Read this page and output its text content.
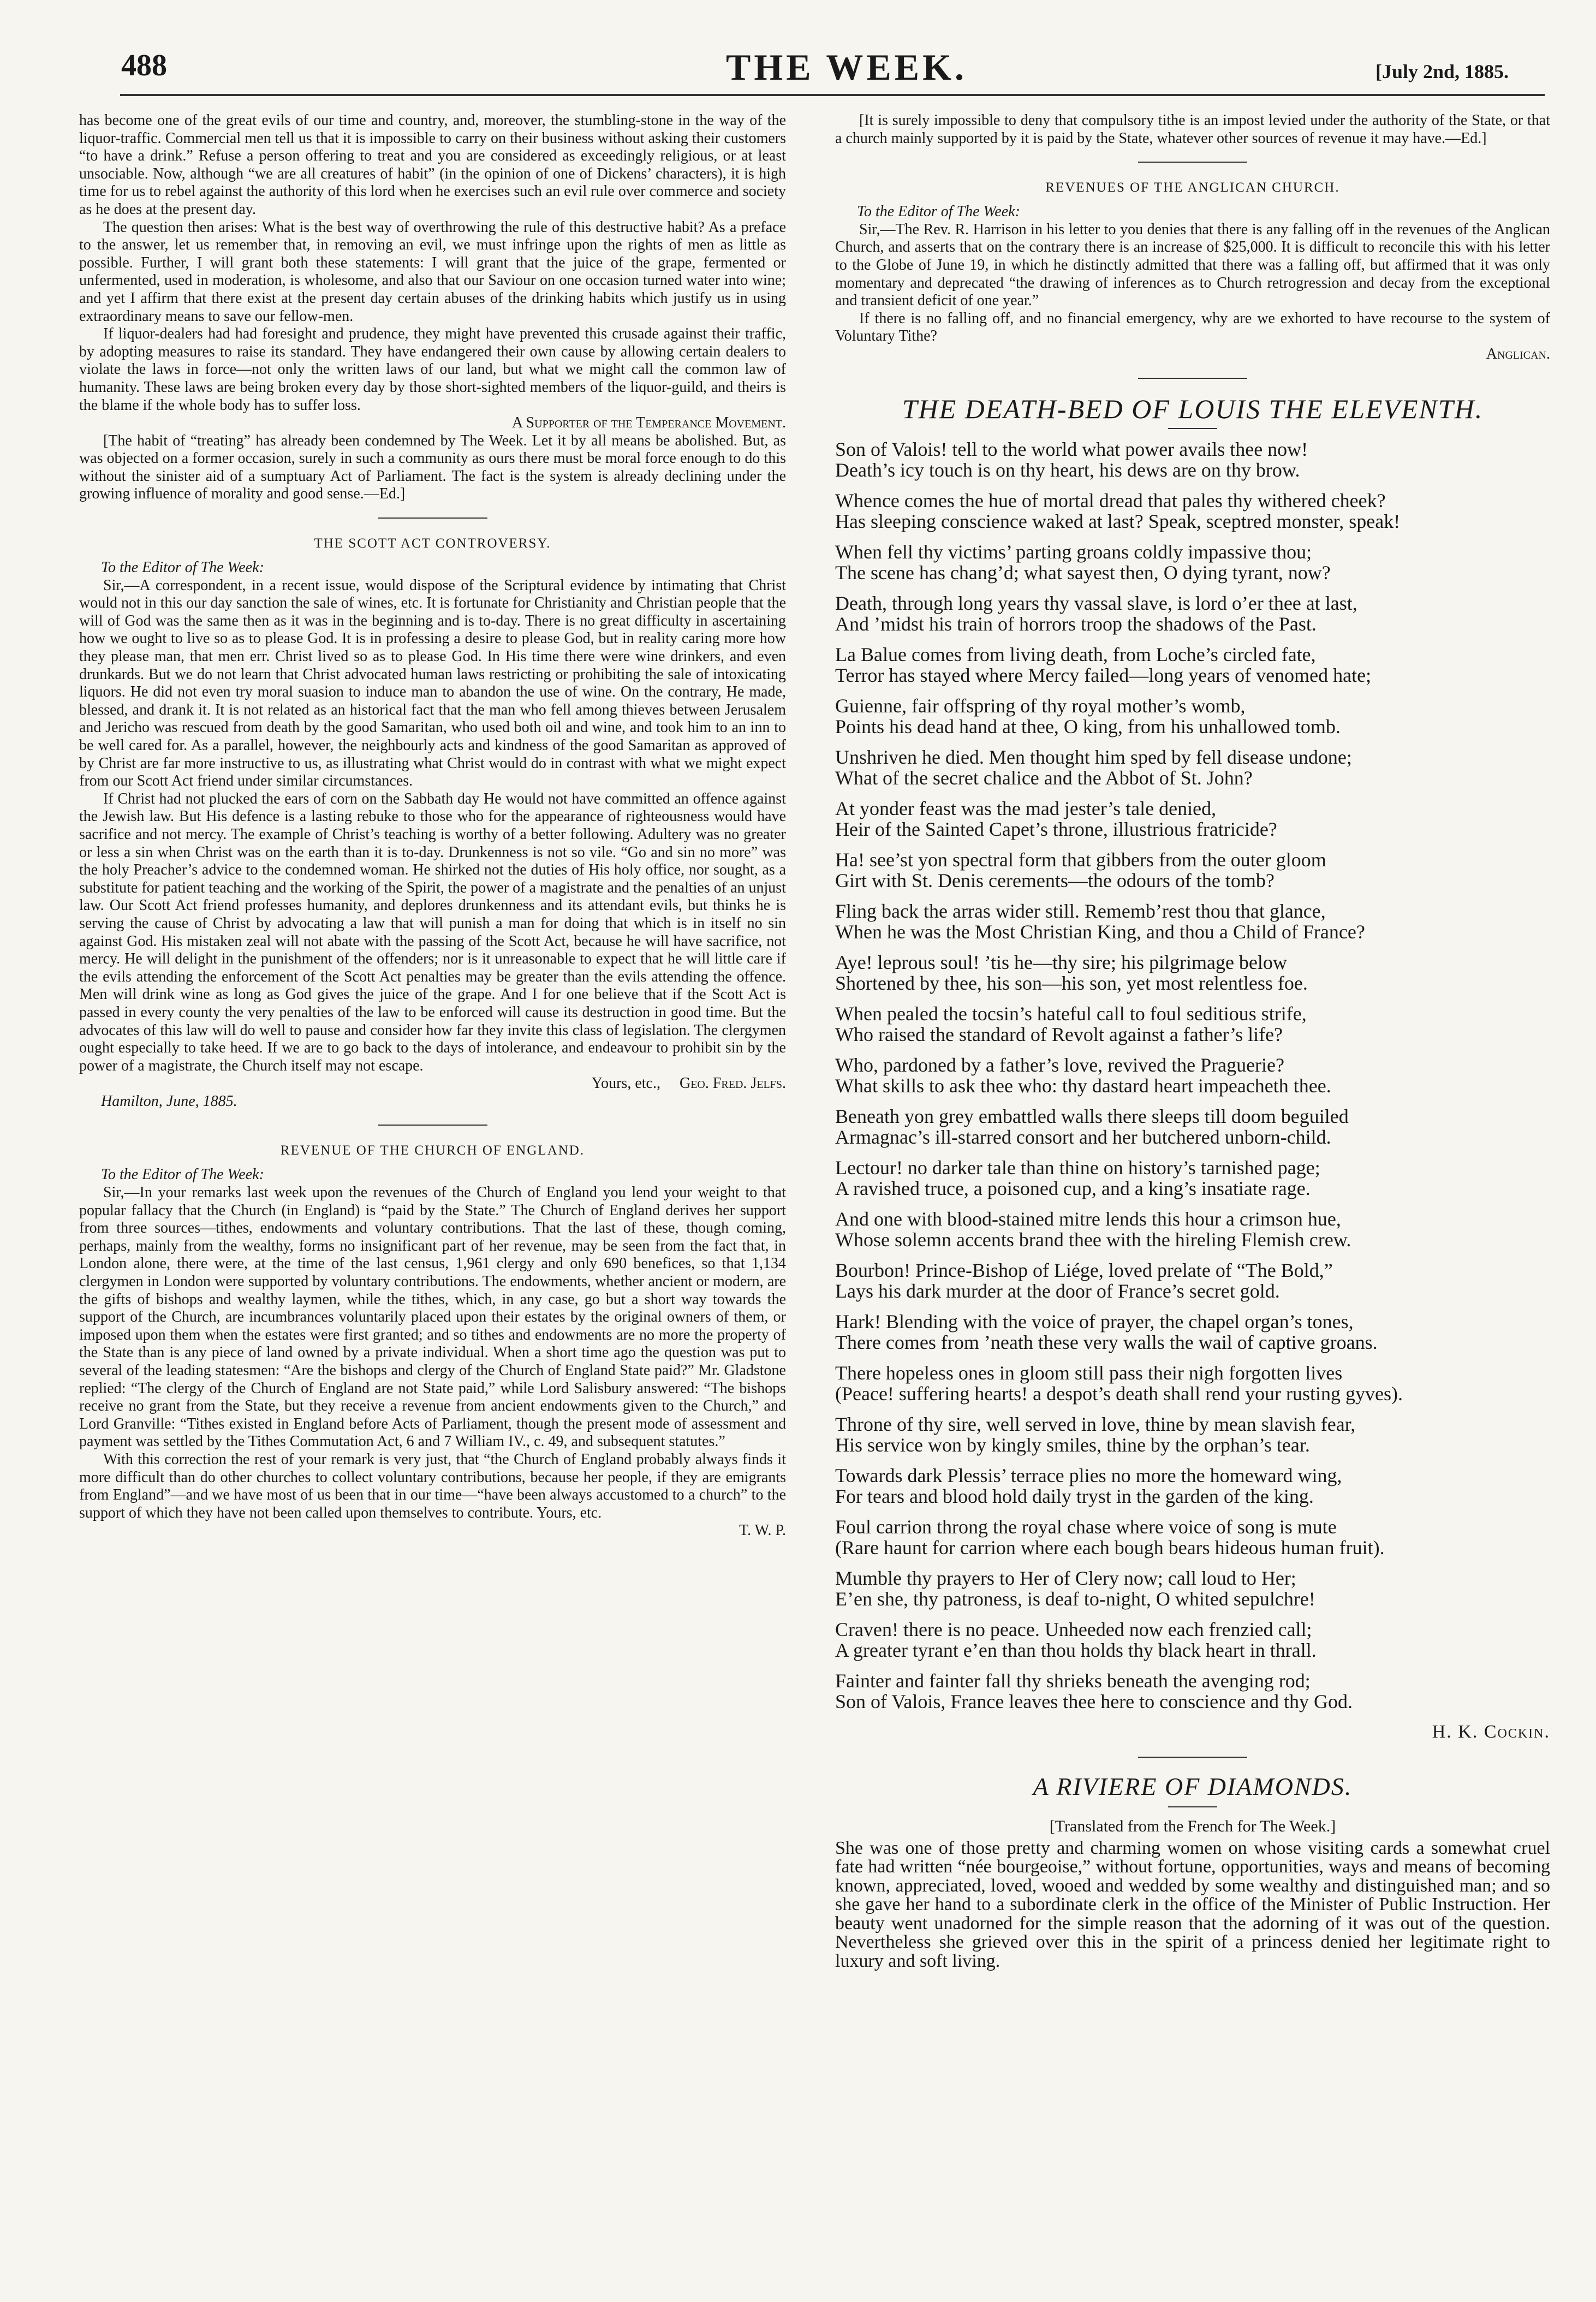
488	THE WEEK.	[July 2nd, 1885.

has become one of the great evils of our time and country, and, moreover, the stumbling-stone in the way of the liquor-traffic. Commercial men tell us that it is impossible to carry on their business without asking their customers “to have a drink.” Refuse a person offering to treat and you are considered as exceedingly religious, or at least unsociable. Now, although “we are all creatures of habit” (in the opinion of one of Dickens’ characters), it is high time for us to rebel against the authority of this lord when he exercises such an evil rule over commerce and society as he does at the present day.

The question then arises: What is the best way of overthrowing the rule of this destructive habit? As a preface to the answer, let us remember that, in removing an evil, we must infringe upon the rights of men as little as possible. Further, I will grant both these statements: I will grant that the juice of the grape, fermented or unfermented, used in moderation, is wholesome, and also that our Saviour on one occasion turned water into wine; and yet I affirm that there exist at the present day certain abuses of the drinking habits which justify us in using extraordinary means to save our fellow-men.

If liquor-dealers had had foresight and prudence, they might have prevented this crusade against their traffic, by adopting measures to raise its standard. They have endangered their own cause by allowing certain dealers to violate the laws in force—not only the written laws of our land, but what we might call the common law of humanity. These laws are being broken every day by those short-sighted members of the liquor-guild, and theirs is the blame if the whole body has to suffer loss.

A Supporter of the Temperance Movement.

[The habit of “treating” has already been condemned by The Week. Let it by all means be abolished. But, as was objected on a former occasion, surely in such a community as ours there must be moral force enough to do this without the sinister aid of a sumptuary Act of Parliament. The fact is the system is already declining under the growing influence of morality and good sense.—Ed.]

THE SCOTT ACT CONTROVERSY.

To the Editor of The Week:

Sir,—A correspondent, in a recent issue, would dispose of the Scriptural evidence by intimating that Christ would not in this our day sanction the sale of wines, etc. It is fortunate for Christianity and Christian people that the will of God was the same then as it was in the beginning and is to-day. There is no great difficulty in ascertaining how we ought to live so as to please God. It is in professing a desire to please God, but in reality caring more how they please man, that men err. Christ lived so as to please God. In His time there were wine drinkers, and even drunkards. But we do not learn that Christ advocated human laws restricting or prohibiting the sale of intoxicating liquors. He did not even try moral suasion to induce man to abandon the use of wine. On the contrary, He made, blessed, and drank it. It is not related as an historical fact that the man who fell among thieves between Jerusalem and Jericho was rescued from death by the good Samaritan, who used both oil and wine, and took him to an inn to be well cared for. As a parallel, however, the neighbourly acts and kindness of the good Samaritan as approved of by Christ are far more instructive to us, as illustrating what Christ would do in contrast with what we might expect from our Scott Act friend under similar circumstances.

If Christ had not plucked the ears of corn on the Sabbath day He would not have committed an offence against the Jewish law. But His defence is a lasting rebuke to those who for the appearance of righteousness would have sacrifice and not mercy. The example of Christ’s teaching is worthy of a better following. Adultery was no greater or less a sin when Christ was on the earth than it is to-day. Drunkenness is not so vile. “Go and sin no more” was the holy Preacher’s advice to the condemned woman. He shirked not the duties of His holy office, nor sought, as a substitute for patient teaching and the working of the Spirit, the power of a magistrate and the penalties of an unjust law. Our Scott Act friend professes humanity, and deplores drunkenness and its attendant evils, but thinks he is serving the cause of Christ by advocating a law that will punish a man for doing that which is in itself no sin against God. His mistaken zeal will not abate with the passing of the Scott Act, because he will have sacrifice, not mercy. He will delight in the punishment of the offenders; nor is it unreasonable to expect that he will little care if the evils attending the enforcement of the Scott Act penalties may be greater than the evils attending the offence. Men will drink wine as long as God gives the juice of the grape. And I for one believe that if the Scott Act is passed in every county the very penalties of the law to be enforced will cause its destruction in good time. But the advocates of this law will do well to pause and consider how far they invite this class of legislation. The clergymen ought especially to take heed. If we are to go back to the days of intolerance, and endeavour to prohibit sin by the power of a magistrate, the Church itself may not escape.

Yours, etc., Geo. Fred. Jelfs.

Hamilton, June, 1885.

REVENUE OF THE CHURCH OF ENGLAND.

To the Editor of The Week:

Sir,—In your remarks last week upon the revenues of the Church of England you lend your weight to that popular fallacy that the Church (in England) is “paid by the State.” The Church of England derives her support from three sources—tithes, endowments and voluntary contributions. That the last of these, though coming, perhaps, mainly from the wealthy, forms no insignificant part of her revenue, may be seen from the fact that, in London alone, there were, at the time of the last census, 1,961 clergy and only 690 benefices, so that 1,134 clergymen in London were supported by voluntary contributions. The endowments, whether ancient or modern, are the gifts of bishops and wealthy laymen, while the tithes, which, in any case, go but a short way towards the support of the Church, are incumbrances voluntarily placed upon their estates by the original owners of them, or imposed upon them when the estates were first granted; and so tithes and endowments are no more the property of the State than is any piece of land owned by a private individual. When a short time ago the question was put to several of the leading statesmen: “Are the bishops and clergy of the Church of England State paid?” Mr. Gladstone replied: “The clergy of the Church of England are not State paid,” while Lord Salisbury answered: “The bishops receive no grant from the State, but they receive a revenue from ancient endowments given to the Church,” and Lord Granville: “Tithes existed in England before Acts of Parliament, though the present mode of assessment and payment was settled by the Tithes Commutation Act, 6 and 7 William IV., c. 49, and subsequent statutes.”

With this correction the rest of your remark is very just, that “the Church of England probably always finds it more difficult than do other churches to collect voluntary contributions, because her people, if they are emigrants from England”—and we have most of us been that in our time—“have been always accustomed to a church” to the support of which they have not been called upon themselves to contribute. Yours, etc.

T. W. P.

[It is surely impossible to deny that compulsory tithe is an impost levied under the authority of the State, or that a church mainly supported by it is paid by the State, whatever other sources of revenue it may have.—Ed.]

REVENUES OF THE ANGLICAN CHURCH.

To the Editor of The Week:

Sir,—The Rev. R. Harrison in his letter to you denies that there is any falling off in the revenues of the Anglican Church, and asserts that on the contrary there is an increase of $25,000. It is difficult to reconcile this with his letter to the Globe of June 19, in which he distinctly admitted that there was a falling off, but affirmed that it was only momentary and deprecated “the drawing of inferences as to Church retrogression and decay from the exceptional and transient deficit of one year.”

If there is no falling off, and no financial emergency, why are we exhorted to have recourse to the system of Voluntary Tithe?

Anglican.

THE DEATH-BED OF LOUIS THE ELEVENTH.
Son of Valois! tell to the world what power avails thee now!
Death’s icy touch is on thy heart, his dews are on thy brow.
Whence comes the hue of mortal dread that pales thy withered cheek?
Has sleeping conscience waked at last? Speak, sceptred monster, speak!
When fell thy victims’ parting groans coldly impassive thou;
The scene has chang’d; what sayest then, O dying tyrant, now?
Death, through long years thy vassal slave, is lord o’er thee at last,
And ’midst his train of horrors troop the shadows of the Past.
La Balue comes from living death, from Loche’s circled fate,
Terror has stayed where Mercy failed—long years of venomed hate;
Guienne, fair offspring of thy royal mother’s womb,
Points his dead hand at thee, O king, from his unhallowed tomb.
Unshriven he died. Men thought him sped by fell disease undone;
What of the secret chalice and the Abbot of St. John?
At yonder feast was the mad jester’s tale denied,
Heir of the Sainted Capet’s throne, illustrious fratricide?
Ha! see’st yon spectral form that gibbers from the outer gloom
Girt with St. Denis cerements—the odours of the tomb?
Fling back the arras wider still. Rememb’rest thou that glance,
When he was the Most Christian King, and thou a Child of France?
Aye! leprous soul! ’tis he—thy sire; his pilgrimage below
Shortened by thee, his son—his son, yet most relentless foe.
When pealed the tocsin’s hateful call to foul seditious strife,
Who raised the standard of Revolt against a father’s life?
Who, pardoned by a father’s love, revived the Praguerie?
What skills to ask thee who: thy dastard heart impeacheth thee.
Beneath yon grey embattled walls there sleeps till doom beguiled
Armagnac’s ill-starred consort and her butchered unborn-child.
Lectour! no darker tale than thine on history’s tarnished page;
A ravished truce, a poisoned cup, and a king’s insatiate rage.
And one with blood-stained mitre lends this hour a crimson hue,
Whose solemn accents brand thee with the hireling Flemish crew.
Bourbon! Prince-Bishop of Liége, loved prelate of “The Bold,”
Lays his dark murder at the door of France’s secret gold.
Hark! Blending with the voice of prayer, the chapel organ’s tones,
There comes from ’neath these very walls the wail of captive groans.
There hopeless ones in gloom still pass their nigh forgotten lives
(Peace! suffering hearts! a despot’s death shall rend your rusting gyves).
Throne of thy sire, well served in love, thine by mean slavish fear,
His service won by kingly smiles, thine by the orphan’s tear.
Towards dark Plessis’ terrace plies no more the homeward wing,
For tears and blood hold daily tryst in the garden of the king.
Foul carrion throng the royal chase where voice of song is mute
(Rare haunt for carrion where each bough bears hideous human fruit).
Mumble thy prayers to Her of Clery now; call loud to Her;
E’en she, thy patroness, is deaf to-night, O whited sepulchre!
Craven! there is no peace. Unheeded now each frenzied call;
A greater tyrant e’en than thou holds thy black heart in thrall.
Fainter and fainter fall thy shrieks beneath the avenging rod;
Son of Valois, France leaves thee here to conscience and thy God.
H. K. Cockin.
A RIVIERE OF DIAMONDS.
[Translated from the French for The Week.]

She was one of those pretty and charming women on whose visiting cards a somewhat cruel fate had written “née bourgeoise,” without fortune, opportunities, ways and means of becoming known, appreciated, loved, wooed and wedded by some wealthy and distinguished man; and so she gave her hand to a subordinate clerk in the office of the Minister of Public Instruction. Her beauty went unadorned for the simple reason that the adorning of it was out of the question. Nevertheless she grieved over this in the spirit of a princess denied her legitimate right to luxury and soft living.
